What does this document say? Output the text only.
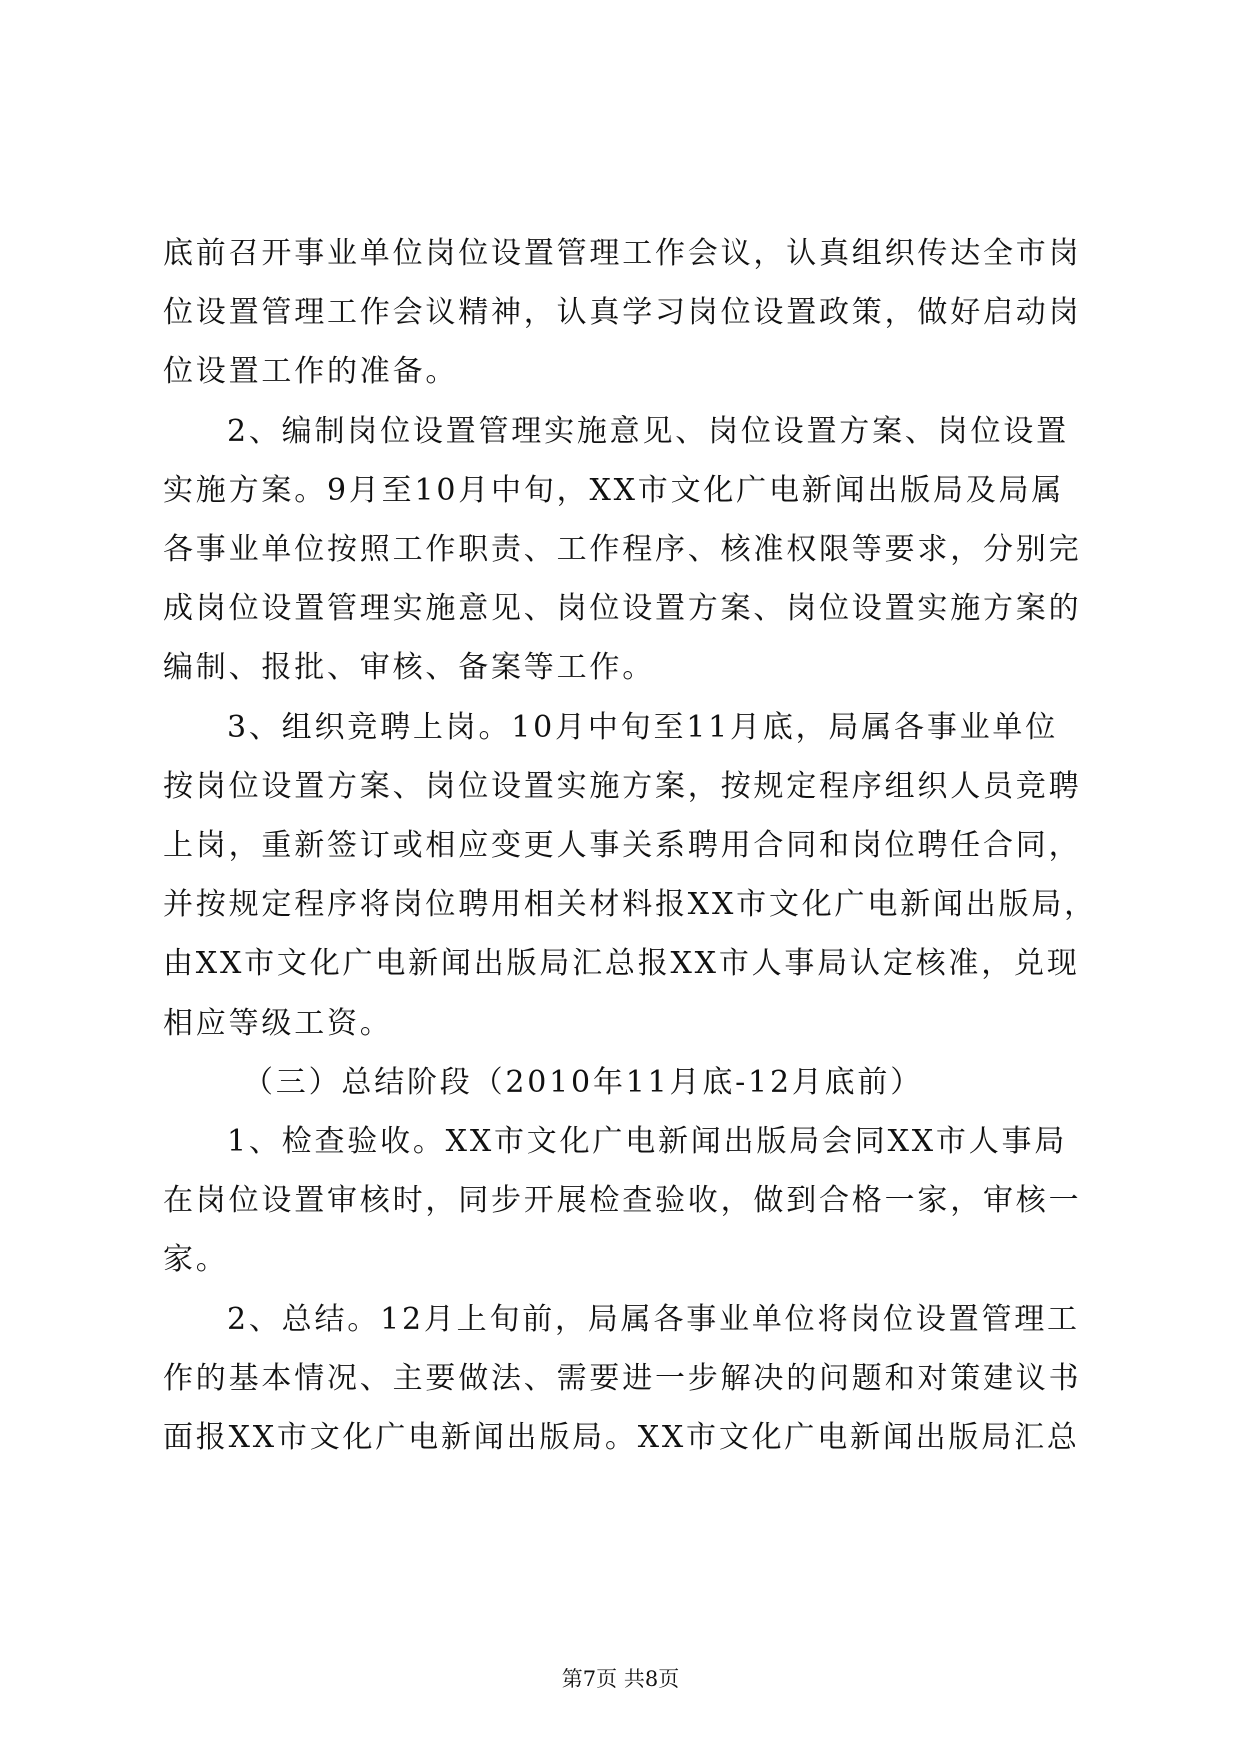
底前召开事业单位岗位设置管理工作会议，认真组织传达全市岗
位设置管理工作会议精神，认真学习岗位设置政策，做好启动岗
位设置工作的准备。
2、编制岗位设置管理实施意见、岗位设置方案、岗位设置
实施方案。9月至10月中旬，XX市文化广电新闻出版局及局属
各事业单位按照工作职责、工作程序、核准权限等要求，分别完
成岗位设置管理实施意见、岗位设置方案、岗位设置实施方案的
编制、报批、审核、备案等工作。
3、组织竞聘上岗。10月中旬至11月底，局属各事业单位
按岗位设置方案、岗位设置实施方案，按规定程序组织人员竞聘
上岗，重新签订或相应变更人事关系聘用合同和岗位聘任合同，
并按规定程序将岗位聘用相关材料报XX市文化广电新闻出版局，
由XX市文化广电新闻出版局汇总报XX市人事局认定核准，兑现
相应等级工资。
（三）总结阶段（2010年11月底-12月底前）
1、检查验收。XX市文化广电新闻出版局会同XX市人事局
在岗位设置审核时，同步开展检查验收，做到合格一家，审核一
家。
2、总结。12月上旬前，局属各事业单位将岗位设置管理工
作的基本情况、主要做法、需要进一步解决的问题和对策建议书
面报XX市文化广电新闻出版局。XX市文化广电新闻出版局汇总
第7页 共8页
